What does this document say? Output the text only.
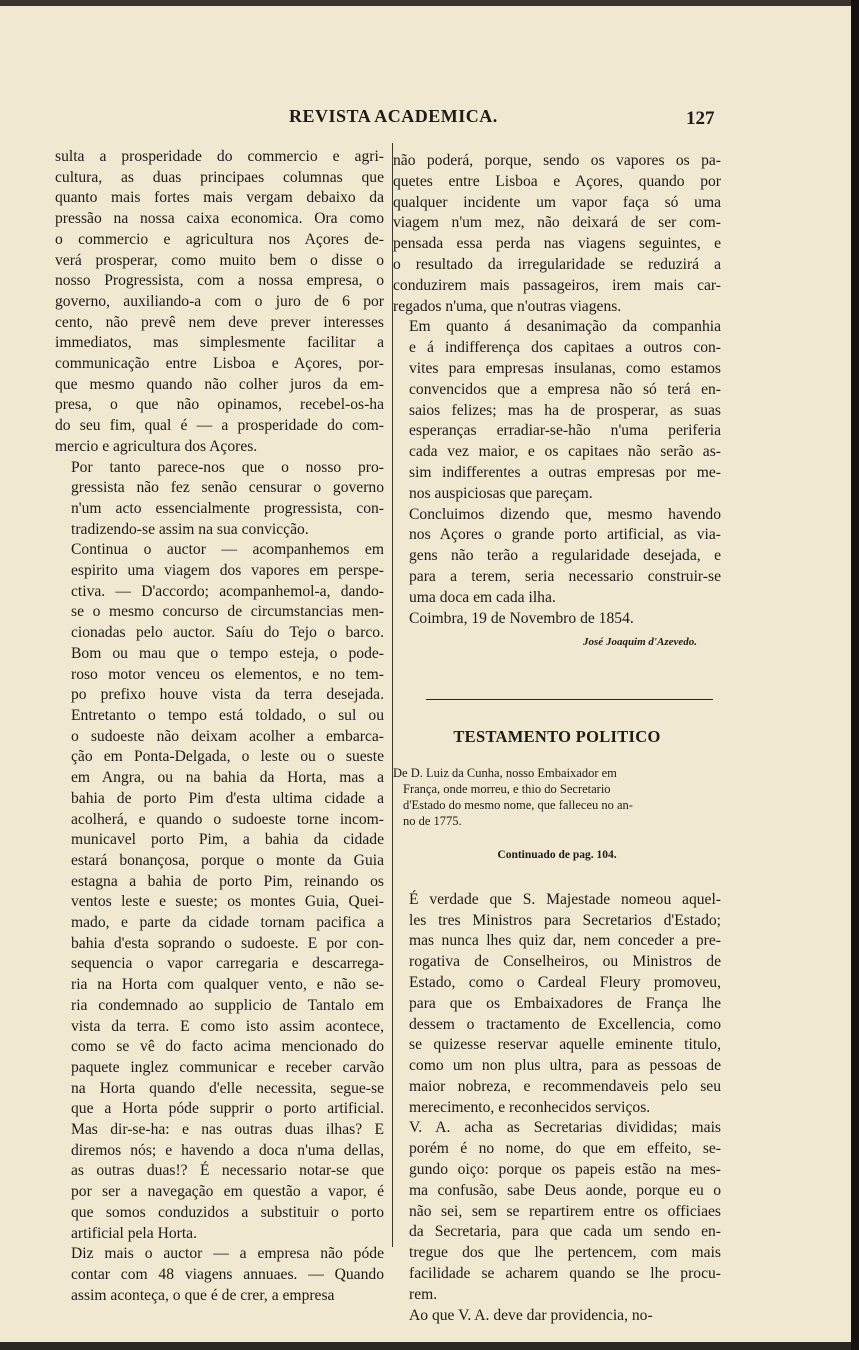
REVISTA ACADEMICA.	127

sulta a prosperidade do commercio e agri-
cultura, as duas principaes columnas que
quanto mais fortes mais vergam debaixo da
pressão na nossa caixa economica. Ora como
o commercio e agricultura nos Açores de-
verá prosperar, como muito bem o disse o
nosso Progressista, com a nossa empresa, o
governo, auxiliando-a com o juro de 6 por
cento, não prevê nem deve prever interesses
immediatos, mas simplesmente facilitar a
communicação entre Lisboa e Açores, por-
que mesmo quando não colher juros da em-
presa, o que não opinamos, recebel-os-ha
do seu fim, qual é — a prosperidade do com-
mercio e agricultura dos Açores.

Por tanto parece-nos que o nosso pro-
gressista não fez senão censurar o governo
n'um acto essencialmente progressista, con-
tradizendo-se assim na sua convicção.

Continua o auctor — acompanhemos em
espirito uma viagem dos vapores em perspe-
ctiva. — D'accordo; acompanhemol-a, dando-
se o mesmo concurso de circumstancias men-
cionadas pelo auctor. Saíu do Tejo o barco.
Bom ou mau que o tempo esteja, o pode-
roso motor venceu os elementos, e no tem-
po prefixo houve vista da terra desejada.
Entretanto o tempo está toldado, o sul ou
o sudoeste não deixam acolher a embarca-
ção em Ponta-Delgada, o leste ou o sueste
em Angra, ou na bahia da Horta, mas a
bahia de porto Pim d'esta ultima cidade a
acolherá, e quando o sudoeste torne incom-
municavel porto Pim, a bahia da cidade
estará bonançosa, porque o monte da Guia
estagna a bahia de porto Pim, reinando os
ventos leste e sueste; os montes Guia, Quei-
mado, e parte da cidade tornam pacifica a
bahia d'esta soprando o sudoeste. E por con-
sequencia o vapor carregaria e descarrega-
ria na Horta com qualquer vento, e não se-
ria condemnado ao supplicio de Tantalo em
vista da terra. E como isto assim acontece,
como se vê do facto acima mencionado do
paquete inglez communicar e receber carvão
na Horta quando d'elle necessita, segue-se
que a Horta póde supprir o porto artificial.
Mas dir-se-ha: e nas outras duas ilhas? E
diremos nós; e havendo a doca n'uma dellas,
as outras duas!? É necessario notar-se que
por ser a navegação em questão a vapor, é
que somos conduzidos a substituir o porto
artificial pela Horta.

Diz mais o auctor — a empresa não póde
contar com 48 viagens annuaes. — Quando
assim aconteça, o que é de crer, a empresa

não poderá, porque, sendo os vapores os pa-
quetes entre Lisboa e Açores, quando por
qualquer incidente um vapor faça só uma
viagem n'um mez, não deixará de ser com-
pensada essa perda nas viagens seguintes, e
o resultado da irregularidade se reduzirá a
conduzirem mais passageiros, irem mais car-
regados n'uma, que n'outras viagens.

Em quanto á desanimação da companhia
e á indifferença dos capitaes a outros con-
vites para empresas insulanas, como estamos
convencidos que a empresa não só terá en-
saios felizes; mas ha de prosperar, as suas
esperanças erradiar-se-hão n'uma periferia
cada vez maior, e os capitaes não serão as-
sim indifferentes a outras empresas por me-
nos auspiciosas que pareçam.

Concluimos dizendo que, mesmo havendo
nos Açores o grande porto artificial, as via-
gens não terão a regularidade desejada, e
para a terem, seria necessario construir-se
uma doca em cada ilha.

Coimbra, 19 de Novembro de 1854.

José Joaquim d'Azevedo.
TESTAMENTO POLITICO
De D. Luiz da Cunha, nosso Embaixador em
França, onde morreu, e thio do Secretario
d'Estado do mesmo nome, que falleceu no an-
no de 1775.
Continuado de pag. 104.

É verdade que S. Majestade nomeou aquel-
les tres Ministros para Secretarios d'Estado;
mas nunca lhes quiz dar, nem conceder a pre-
rogativa de Conselheiros, ou Ministros de
Estado, como o Cardeal Fleury promoveu,
para que os Embaixadores de França lhe
dessem o tractamento de Excellencia, como
se quizesse reservar aquelle eminente titulo,
como um non plus ultra, para as pessoas de
maior nobreza, e recommendaveis pelo seu
merecimento, e reconhecidos serviços.

V. A. acha as Secretarias divididas; mais
porém é no nome, do que em effeito, se-
gundo oiço: porque os papeis estão na mes-
ma confusão, sabe Deus aonde, porque eu o
não sei, sem se repartirem entre os officiaes
da Secretaria, para que cada um sendo en-
tregue dos que lhe pertencem, com mais
facilidade se acharem quando se lhe procu-
rem.

Ao que V. A. deve dar providencia, no-
